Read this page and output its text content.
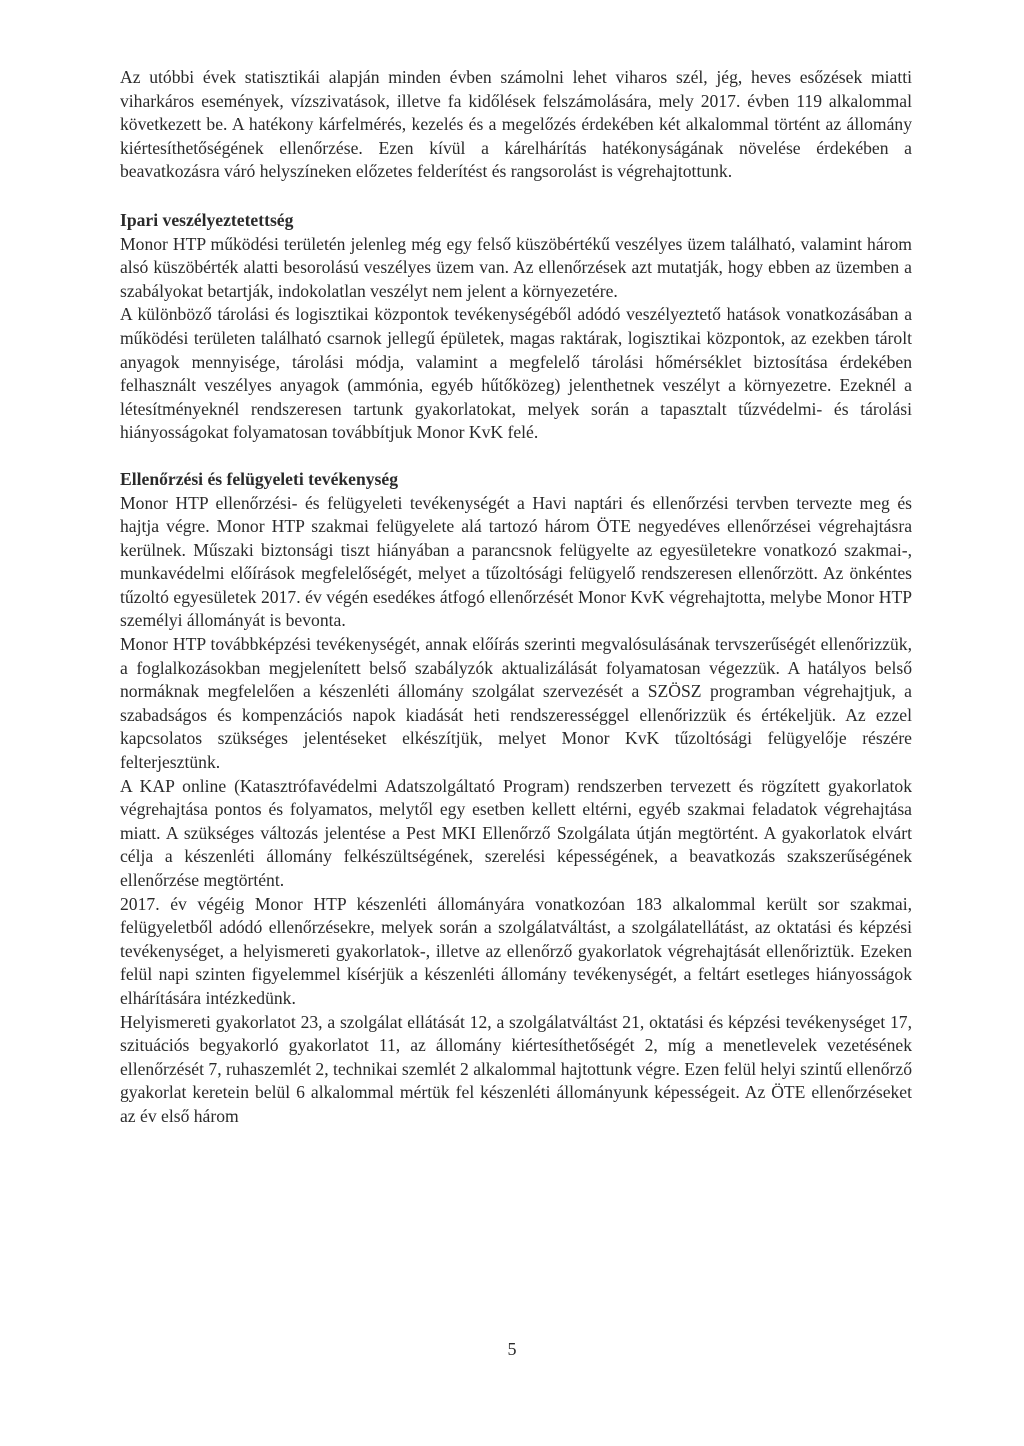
Az utóbbi évek statisztikái alapján minden évben számolni lehet viharos szél, jég, heves esőzések miatti viharkáros események, vízszivatások, illetve fa kidőlések felszámolására, mely 2017. évben 119 alkalommal következett be. A hatékony kárfelmérés, kezelés és a megelőzés érdekében két alkalommal történt az állomány kiértesíthetőségének ellenőrzése. Ezen kívül a kárelhárítás hatékonyságának növelése érdekében a beavatkozásra váró helyszíneken előzetes felderítést és rangsorolást is végrehajtottunk.

Ipari veszélyeztetettség

Monor HTP működési területén jelenleg még egy felső küszöbértékű veszélyes üzem található, valamint három alsó küszöbérték alatti besorolású veszélyes üzem van. Az ellenőrzések azt mutatják, hogy ebben az üzemben a szabályokat betartják, indokolatlan veszélyt nem jelent a környezetére.

A különböző tárolási és logisztikai központok tevékenységéből adódó veszélyeztető hatások vonatkozásában a működési területen található csarnok jellegű épületek, magas raktárak, logisztikai központok, az ezekben tárolt anyagok mennyisége, tárolási módja, valamint a megfelelő tárolási hőmérséklet biztosítása érdekében felhasznált veszélyes anyagok (ammónia, egyéb hűtőközeg) jelenthetnek veszélyt a környezetre. Ezeknél a létesítményeknél rendszeresen tartunk gyakorlatokat, melyek során a tapasztalt tűzvédelmi- és tárolási hiányosságokat folyamatosan továbbítjuk Monor KvK felé.

Ellenőrzési és felügyeleti tevékenység

Monor HTP ellenőrzési- és felügyeleti tevékenységét a Havi naptári és ellenőrzési tervben tervezte meg és hajtja végre. Monor HTP szakmai felügyelete alá tartozó három ÖTE negyedéves ellenőrzései végrehajtásra kerülnek. Műszaki biztonsági tiszt hiányában a parancsnok felügyelte az egyesületekre vonatkozó szakmai-, munkavédelmi előírások megfelelőségét, melyet a tűzoltósági felügyelő rendszeresen ellenőrzött. Az önkéntes tűzoltó egyesületek 2017. év végén esedékes átfogó ellenőrzését Monor KvK végrehajtotta, melybe Monor HTP személyi állományát is bevonta.

Monor HTP továbbképzési tevékenységét, annak előírás szerinti megvalósulásának tervszerűségét ellenőrizzük, a foglalkozásokban megjelenített belső szabályzók aktualizálását folyamatosan végezzük. A hatályos belső normáknak megfelelően a készenléti állomány szolgálat szervezését a SZÖSZ programban végrehajtjuk, a szabadságos és kompenzációs napok kiadását heti rendszerességgel ellenőrizzük és értékeljük. Az ezzel kapcsolatos szükséges jelentéseket elkészítjük, melyet Monor KvK tűzoltósági felügyelője részére felterjesztünk.

A KAP online (Katasztrófavédelmi Adatszolgáltató Program) rendszerben tervezett és rögzített gyakorlatok végrehajtása pontos és folyamatos, melytől egy esetben kellett eltérni, egyéb szakmai feladatok végrehajtása miatt. A szükséges változás jelentése a Pest MKI Ellenőrző Szolgálata útján megtörtént. A gyakorlatok elvárt célja a készenléti állomány felkészültségének, szerelési képességének, a beavatkozás szakszerűségének ellenőrzése megtörtént.

2017. év végéig Monor HTP készenléti állományára vonatkozóan 183 alkalommal került sor szakmai, felügyeletből adódó ellenőrzésekre, melyek során a szolgálatváltást, a szolgálatellátást, az oktatási és képzési tevékenységet, a helyismereti gyakorlatok-, illetve az ellenőrző gyakorlatok végrehajtását ellenőriztük. Ezeken felül napi szinten figyelemmel kísérjük a készenléti állomány tevékenységét, a feltárt esetleges hiányosságok elhárítására intézkedünk.

Helyismereti gyakorlatot 23, a szolgálat ellátását 12, a szolgálatváltást 21, oktatási és képzési tevékenységet 17, szituációs begyakorló gyakorlatot 11, az állomány kiértesíthetőségét 2, míg a menetlevelek vezetésének ellenőrzését 7, ruhaszemlét 2, technikai szemlét 2 alkalommal hajtottunk végre. Ezen felül helyi szintű ellenőrző gyakorlat keretein belül 6 alkalommal mértük fel készenléti állományunk képességeit. Az ÖTE ellenőrzéseket az év első három

5
